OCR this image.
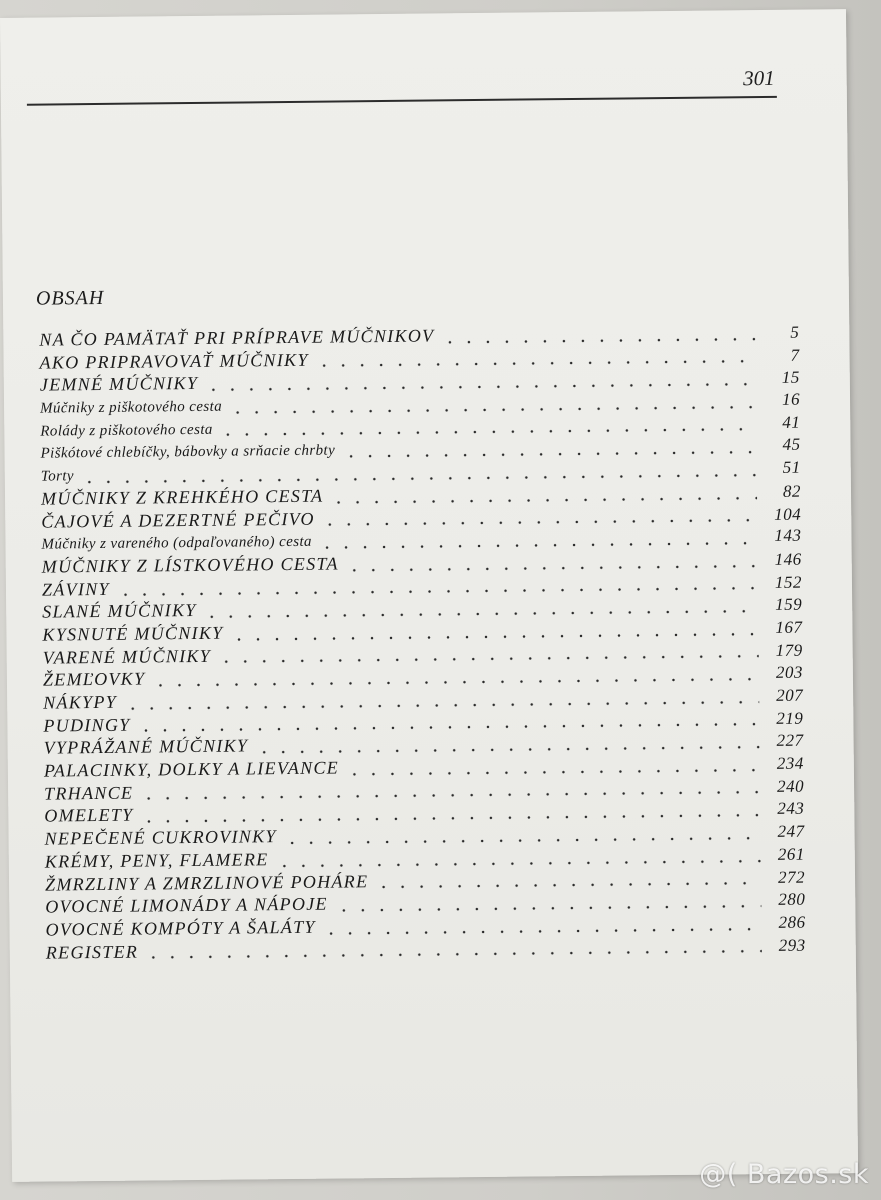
301
OBSAH
NA ČO PAMÄTAŤ PRI PRÍPRAVE MÚČNIKOV	5
AKO PRIPRAVOVAŤ MÚČNIKY	7
JEMNÉ MÚČNIKY	15
Múčniky z piškotového cesta	16
Rolády z piškotového cesta	41
Piškótové chlebíčky, bábovky a srňacie chrbty	45
Torty	51
MÚČNIKY Z KREHKÉHO CESTA	82
ČAJOVÉ A DEZERTNÉ PEČIVO	104
Múčniky z vareného (odpaľovaného) cesta	143
MÚČNIKY Z LÍSTKOVÉHO CESTA	146
ZÁVINY	152
SLANÉ MÚČNIKY	159
KYSNUTÉ MÚČNIKY	167
VARENÉ MÚČNIKY	179
ŽEMĽOVKY	203
NÁKYPY	207
PUDINGY	219
VYPRÁŽANÉ MÚČNIKY	227
PALACINKY, DOLKY A LIEVANCE	234
TRHANCE	240
OMELETY	243
NEPEČENÉ CUKROVINKY	247
KRÉMY, PENY, FLAMERE	261
ŽMRZLINY A ZMRZLINOVÉ POHÁRE	272
OVOCNÉ LIMONÁDY A NÁPOJE	280
OVOCNÉ KOMPÓTY A ŠALÁTY	286
REGISTER	293
@( Bazos.sk
